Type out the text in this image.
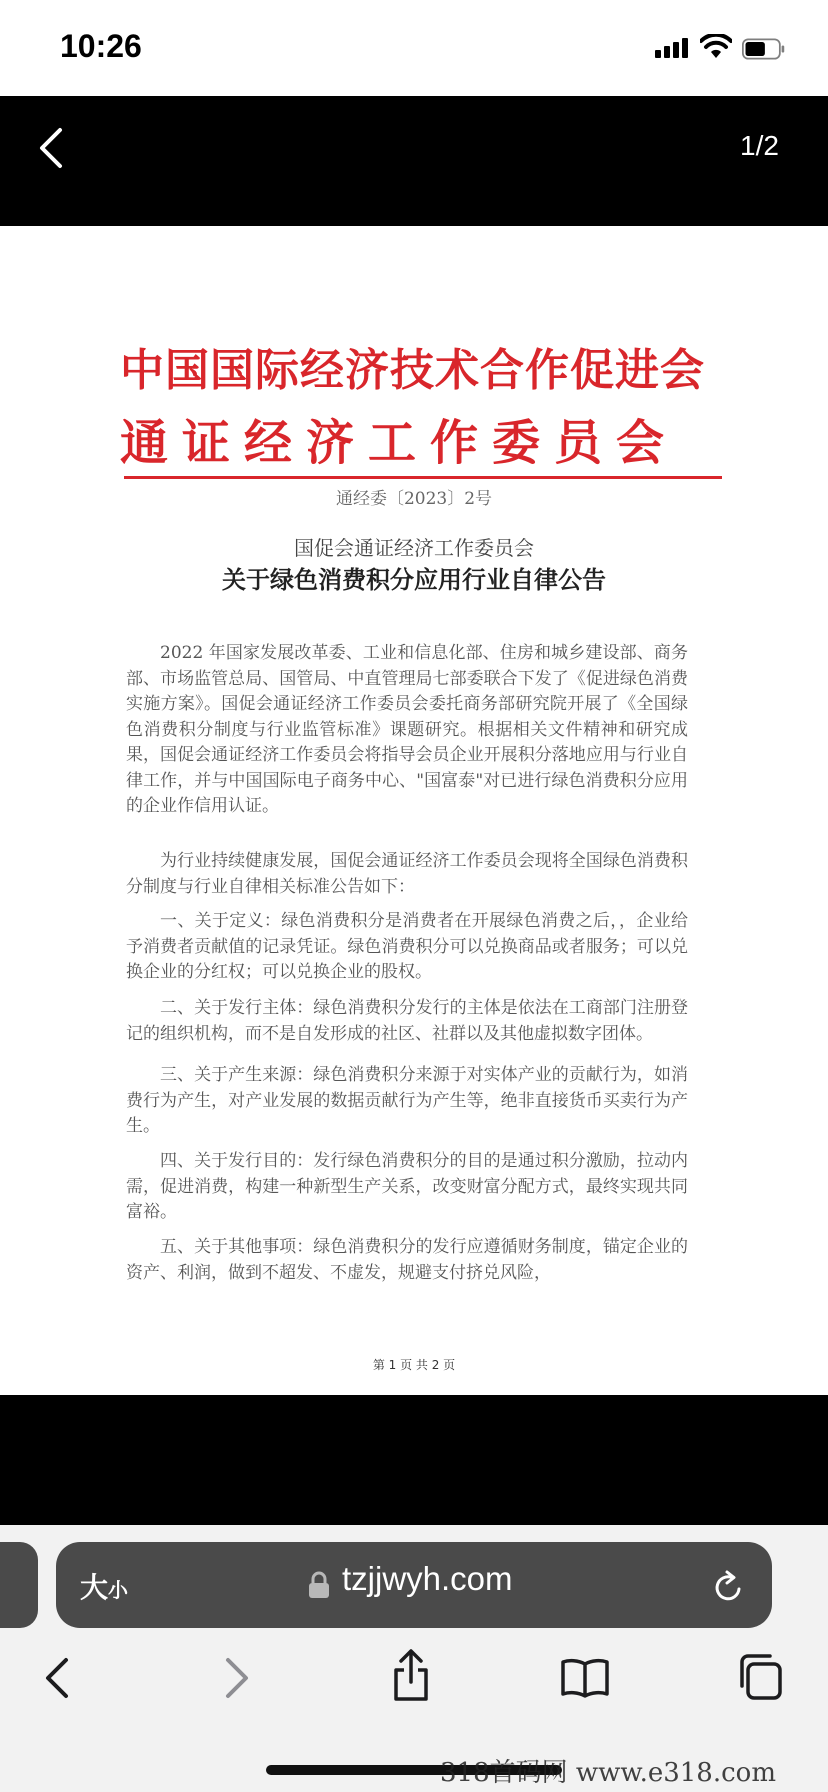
10:26
1/2
中国国际经济技术合作促进会
通证经济工作委员会
通经委〔2023〕2号
国促会通证经济工作委员会
关于绿色消费积分应用行业自律公告
2022 年国家发展改革委、工业和信息化部、住房和城乡建设部、商务部、市场监管总局、国管局、中直管理局七部委联合下发了《促进绿色消费实施方案》。国促会通证经济工作委员会委托商务部研究院开展了《全国绿色消费积分制度与行业监管标准》课题研究。根据相关文件精神和研究成果，国促会通证经济工作委员会将指导会员企业开展积分落地应用与行业自律工作，并与中国国际电子商务中心、"国富泰"对已进行绿色消费积分应用的企业作信用认证。
为行业持续健康发展，国促会通证经济工作委员会现将全国绿色消费积分制度与行业自律相关标准公告如下：
一、关于定义：绿色消费积分是消费者在开展绿色消费之后，，企业给予消费者贡献值的记录凭证。绿色消费积分可以兑换商品或者服务；可以兑换企业的分红权；可以兑换企业的股权。
二、关于发行主体：绿色消费积分发行的主体是依法在工商部门注册登记的组织机构，而不是自发形成的社区、社群以及其他虚拟数字团体。
三、关于产生来源：绿色消费积分来源于对实体产业的贡献行为，如消费行为产生，对产业发展的数据贡献行为产生等，绝非直接货币买卖行为产生。
四、关于发行目的：发行绿色消费积分的目的是通过积分激励，拉动内需，促进消费，构建一种新型生产关系，改变财富分配方式，最终实现共同富裕。
五、关于其他事项：绿色消费积分的发行应遵循财务制度，锚定企业的资产、利润，做到不超发、不虚发，规避支付挤兑风险，
第 1 页 共 2 页
大小	tzjjwyh.com
318首码网 www.e318.com
